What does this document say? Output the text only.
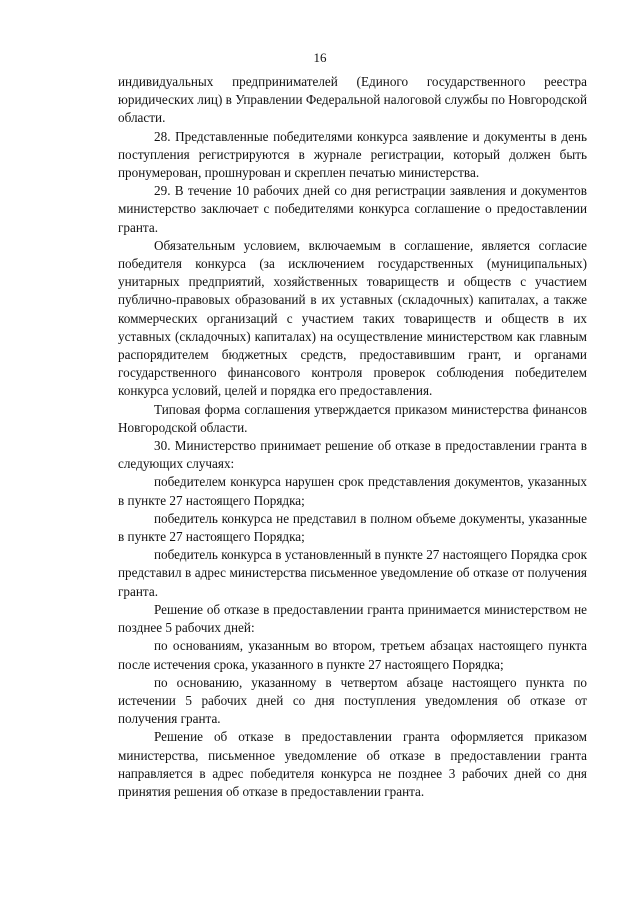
16

индивидуальных предпринимателей (Единого государственного реестра юридических лиц) в Управлении Федеральной налоговой службы по Новгородской области.

28. Представленные победителями конкурса заявление и документы в день поступления регистрируются в журнале регистрации, который должен быть пронумерован, прошнурован и скреплен печатью министерства.

29. В течение 10 рабочих дней со дня регистрации заявления и документов министерство заключает с победителями конкурса соглашение о предоставлении гранта.

Обязательным условием, включаемым в соглашение, является согласие победителя конкурса (за исключением государственных (муниципальных) унитарных предприятий, хозяйственных товариществ и обществ с участием публично-правовых образований в их уставных (складочных) капиталах, а также коммерческих организаций с участием таких товариществ и обществ в их уставных (складочных) капиталах) на осуществление министерством как главным распорядителем бюджетных средств, предоставившим грант, и органами государственного финансового контроля проверок соблюдения победителем конкурса условий, целей и порядка его предоставления.

Типовая форма соглашения утверждается приказом министерства финансов Новгородской области.

30. Министерство принимает решение об отказе в предоставлении гранта в следующих случаях:

победителем конкурса нарушен срок представления документов, указанных в пункте 27 настоящего Порядка;

победитель конкурса не представил в полном объеме документы, указанные в пункте 27 настоящего Порядка;

победитель конкурса в установленный в пункте 27 настоящего Порядка срок представил в адрес министерства письменное уведомление об отказе от получения гранта.

Решение об отказе в предоставлении гранта принимается министерством не позднее 5 рабочих дней:

по основаниям, указанным во втором, третьем абзацах настоящего пункта после истечения срока, указанного в пункте 27 настоящего Порядка;

по основанию, указанному в четвертом абзаце настоящего пункта по истечении 5 рабочих дней со дня поступления уведомления об отказе от получения гранта.

Решение об отказе в предоставлении гранта оформляется приказом министерства, письменное уведомление об отказе в предоставлении гранта направляется в адрес победителя конкурса не позднее 3 рабочих дней со дня принятия решения об отказе в предоставлении гранта.
